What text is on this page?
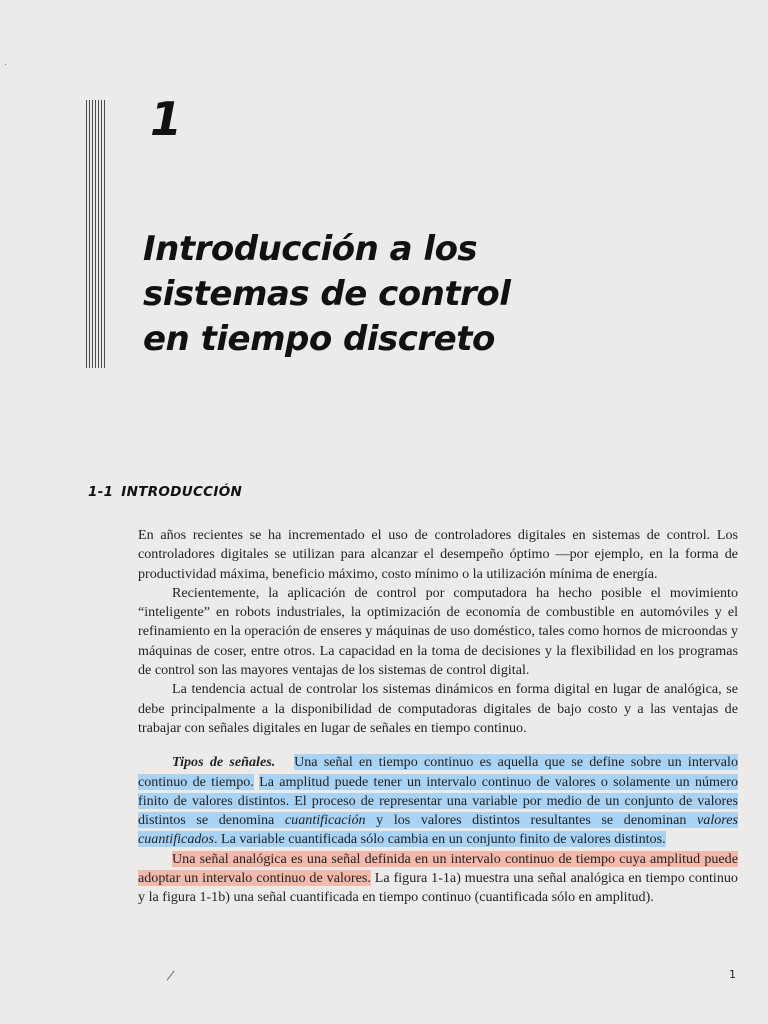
1
Introducción a los
sistemas de control
en tiempo discreto
1-1 INTRODUCCIÓN

En años recientes se ha incrementado el uso de controladores digitales en sistemas de control. Los controladores digitales se utilizan para alcanzar el desempeño óptimo —por ejemplo, en la forma de productividad máxima, beneficio máximo, costo mínimo o la utilización mínima de energía.

Recientemente, la aplicación de control por computadora ha hecho posible el movimiento “inteligente” en robots industriales, la optimización de economía de combustible en automóviles y el refinamiento en la operación de enseres y máquinas de uso doméstico, tales como hornos de microondas y máquinas de coser, entre otros. La capacidad en la toma de decisiones y la flexibilidad en los programas de control son las mayores ventajas de los sistemas de control digital.

La tendencia actual de controlar los sistemas dinámicos en forma digital en lugar de analógica, se debe principalmente a la disponibilidad de computadoras digitales de bajo costo y a las ventajas de trabajar con señales digitales en lugar de señales en tiempo continuo.

Tipos de señales. Una señal en tiempo continuo es aquella que se define sobre un intervalo continuo de tiempo. La amplitud puede tener un intervalo continuo de valores o solamente un número finito de valores distintos. El proceso de representar una variable por medio de un conjunto de valores distintos se denomina cuantificación y los valores distintos resultantes se denominan valores cuantificados. La variable cuantificada sólo cambia en un conjunto finito de valores distintos.

Una señal analógica es una señal definida en un intervalo continuo de tiempo cuya amplitud puede adoptar un intervalo continuo de valores. La figura 1-1a) muestra una señal analógica en tiempo continuo y la figura 1-1b) una señal cuantificada en tiempo continuo (cuantificada sólo en amplitud).

1
·
/
